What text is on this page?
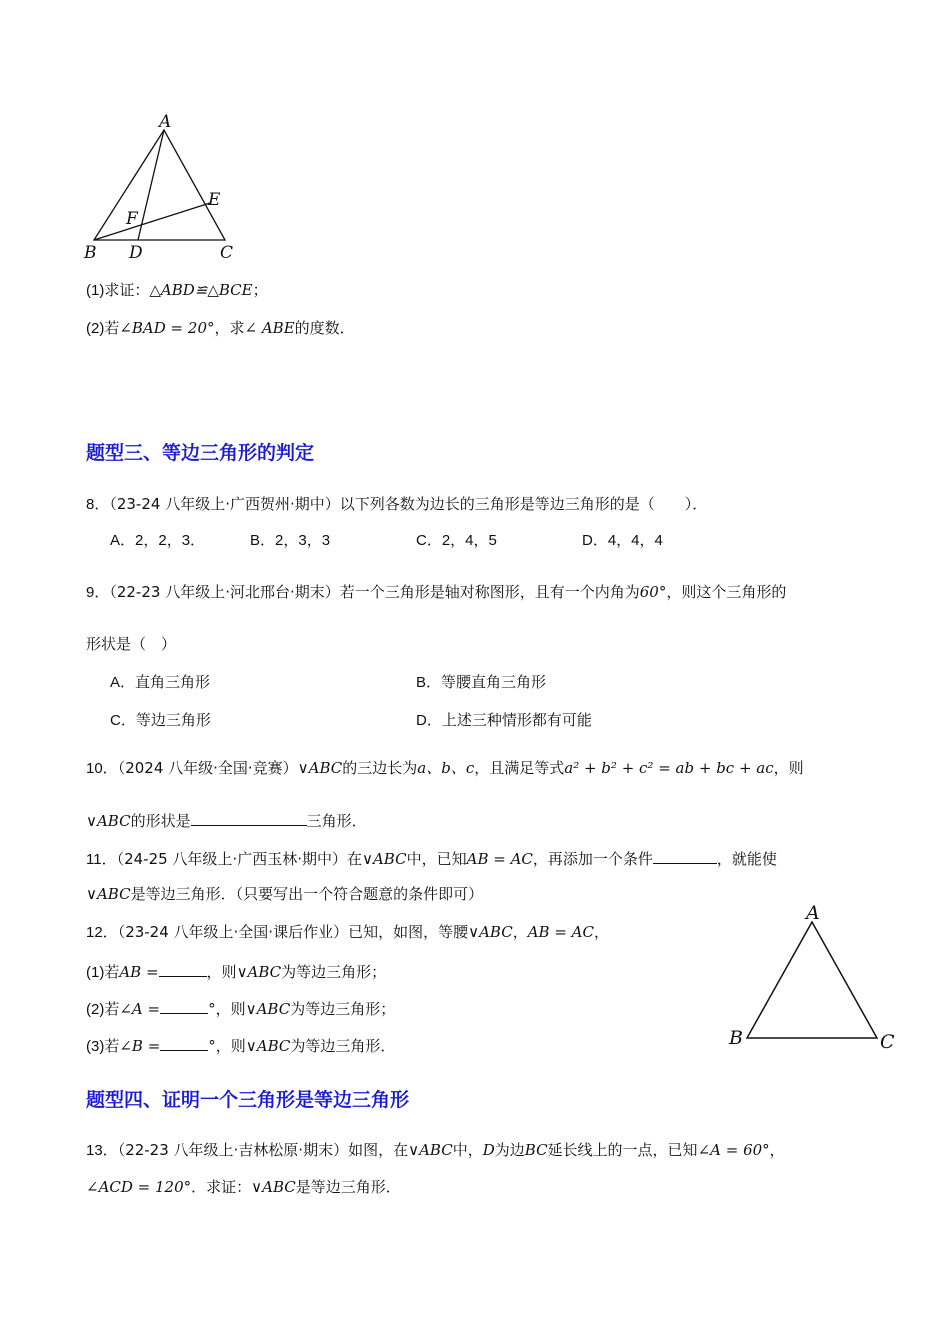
A
B	C
D
E
F
(1)求证：△ABD≌△BCE；
(2)若∠BAD = 20°，求∠ ABE的度数．
题型三、等边三角形的判定
8．（23-24 八年级上·广西贺州·期中）以下列各数为边长的三角形是等边三角形的是（　　）．
A．2，2，3．	B．2，3，3	C．2，4，5	D．4，4，4
9．（22-23 八年级上·河北邢台·期末）若一个三角形是轴对称图形，且有一个内角为60°，则这个三角形的
形状是（　）
A．直角三角形	B．等腰直角三角形
C．等边三角形	D．上述三种情形都有可能
10．（2024 八年级·全国·竞赛）∨ABC的三边长为a、b、c，且满足等式a² + b² + c² = ab + bc + ac，则
∨ABC的形状是	三角形．
11．（24-25 八年级上·广西玉林·期中）在∨ABC中，已知AB = AC，再添加一个条件	，就能使
∨ABC是等边三角形．（只要写出一个符合题意的条件即可）
12．（23-24 八年级上·全国·课后作业）已知，如图，等腰∨ABC，AB = AC，
(1)若AB =	，则∨ABC为等边三角形；
(2)若∠A =	°，则∨ABC为等边三角形；
(3)若∠B =	°，则∨ABC为等边三角形．
A
B	C
题型四、证明一个三角形是等边三角形
13．（22-23 八年级上·吉林松原·期末）如图，在∨ABC中，D为边BC延长线上的一点，已知∠A = 60°，
∠ACD = 120°．求证：∨ABC是等边三角形．
